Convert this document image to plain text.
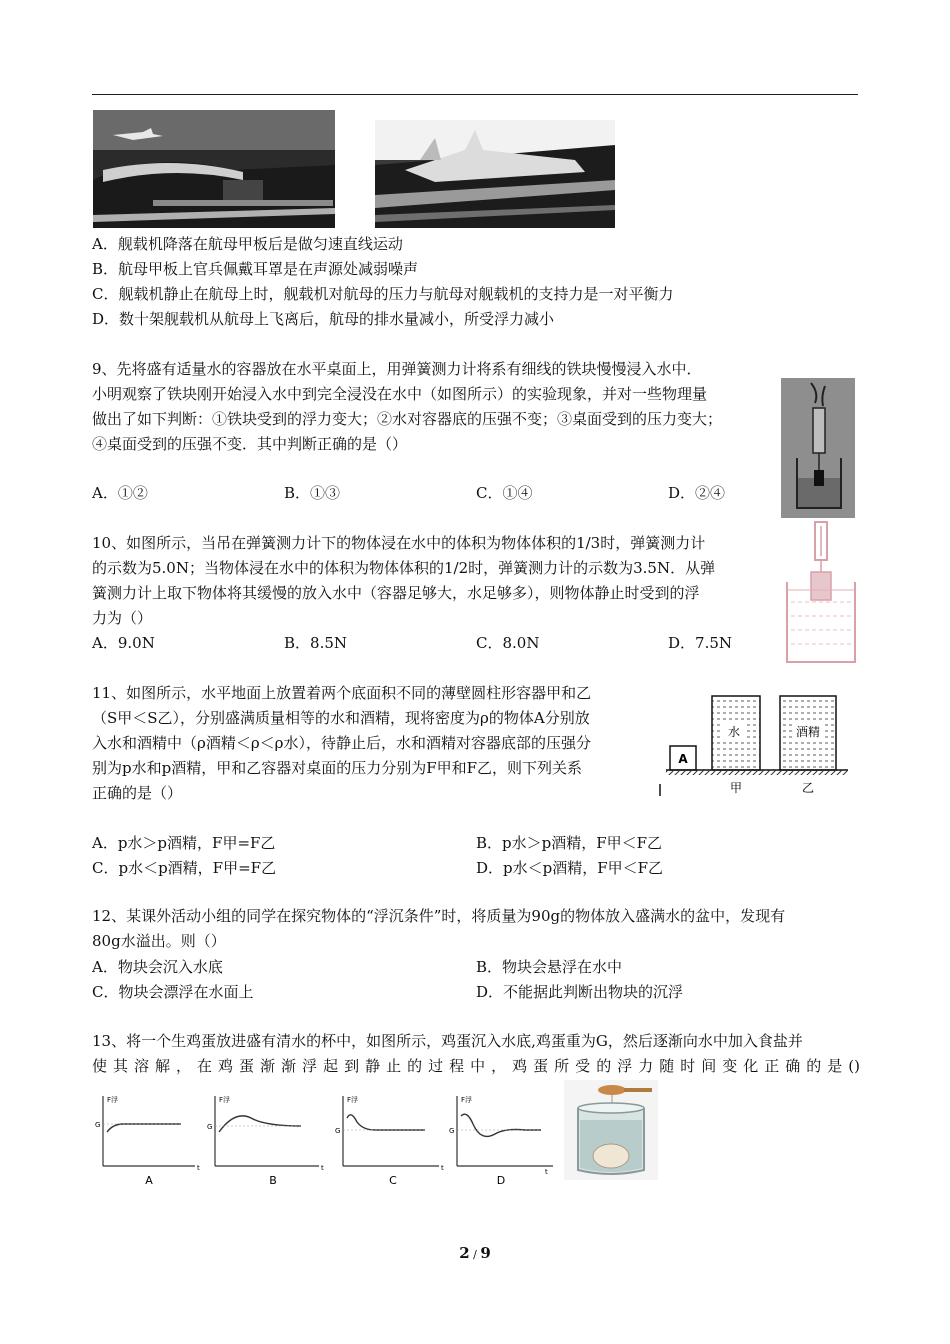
A．舰载机降落在航母甲板后是做匀速直线运动
B．航母甲板上官兵佩戴耳罩是在声源处减弱噪声
C．舰载机静止在航母上时，舰载机对航母的压力与航母对舰载机的支持力是一对平衡力
D．数十架舰载机从航母上飞离后，航母的排水量减小，所受浮力减小
9、先将盛有适量水的容器放在水平桌面上，用弹簧测力计将系有细线的铁块慢慢浸入水中．
小明观察了铁块刚开始浸入水中到完全浸没在水中（如图所示）的实验现象，并对一些物理量
做出了如下判断：①铁块受到的浮力变大；②水对容器底的压强不变；③桌面受到的压力变大；
④桌面受到的压强不变．其中判断正确的是（）
A．①②	B．①③	C．①④	D．②④
10、如图所示，当吊在弹簧测力计下的物体浸在水中的体积为物体体积的1/3时，弹簧测力计
的示数为5.0N；当物体浸在水中的体积为物体体积的1/2时，弹簧测力计的示数为3.5N．从弹
簧测力计上取下物体将其缓慢的放入水中（容器足够大，水足够多），则物体静止时受到的浮
力为（）
A．9.0N	B．8.5N	C．8.0N	D．7.5N
11、如图所示，水平地面上放置着两个底面积不同的薄壁圆柱形容器甲和乙
（S甲＜S乙），分别盛满质量相等的水和酒精，现将密度为ρ的物体A分别放
入水和酒精中（ρ酒精＜ρ＜ρ水），待静止后，水和酒精对容器底部的压强分
别为p水和p酒精，甲和乙容器对桌面的压力分别为F甲和F乙，则下列关系
正确的是（）
A．p水＞p酒精，F甲=F乙	B．p水＞p酒精，F甲＜F乙
C．p水＜p酒精，F甲=F乙	D．p水＜p酒精，F甲＜F乙
A
水	酒精
甲	乙
12、某课外活动小组的同学在探究物体的“浮沉条件”时，将质量为90g的物体放入盛满水的盆中，发现有
80g水溢出。则（）
A．物块会沉入水底	B．物块会悬浮在水中
C．物块会漂浮在水面上	D．不能据此判断出物块的沉浮
13、将一个生鸡蛋放进盛有清水的杯中，如图所示，鸡蛋沉入水底,鸡蛋重为G，然后逐渐向水中加入食盐并
使其溶解，在鸡蛋渐渐浮起到静止的过程中，鸡蛋所受的浮力随时间变化正确的是()
F浮
G
t
A
F浮
G
t
B
F浮
G
t
C
F浮
G
t
D
2 / 9
